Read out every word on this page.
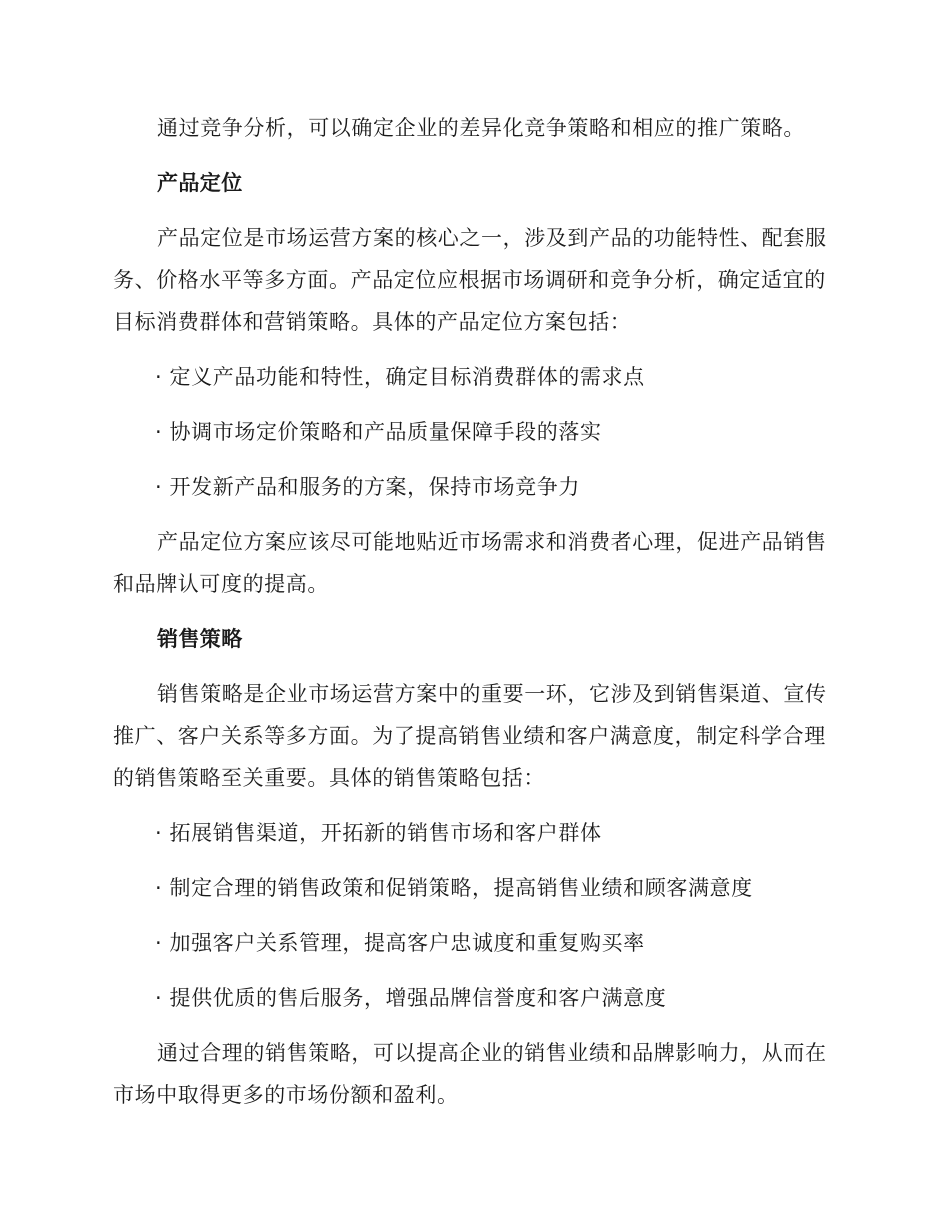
通过竞争分析，可以确定企业的差异化竞争策略和相应的推广策略。
产品定位
产品定位是市场运营方案的核心之一，涉及到产品的功能特性、配套服
务、价格水平等多方面。产品定位应根据市场调研和竞争分析，确定适宜的
目标消费群体和营销策略。具体的产品定位方案包括：
· 定义产品功能和特性，确定目标消费群体的需求点
· 协调市场定价策略和产品质量保障手段的落实
· 开发新产品和服务的方案，保持市场竞争力
产品定位方案应该尽可能地贴近市场需求和消费者心理，促进产品销售
和品牌认可度的提高。
销售策略
销售策略是企业市场运营方案中的重要一环，它涉及到销售渠道、宣传
推广、客户关系等多方面。为了提高销售业绩和客户满意度，制定科学合理
的销售策略至关重要。具体的销售策略包括：
· 拓展销售渠道，开拓新的销售市场和客户群体
· 制定合理的销售政策和促销策略，提高销售业绩和顾客满意度
· 加强客户关系管理，提高客户忠诚度和重复购买率
· 提供优质的售后服务，增强品牌信誉度和客户满意度
通过合理的销售策略，可以提高企业的销售业绩和品牌影响力，从而在
市场中取得更多的市场份额和盈利。
